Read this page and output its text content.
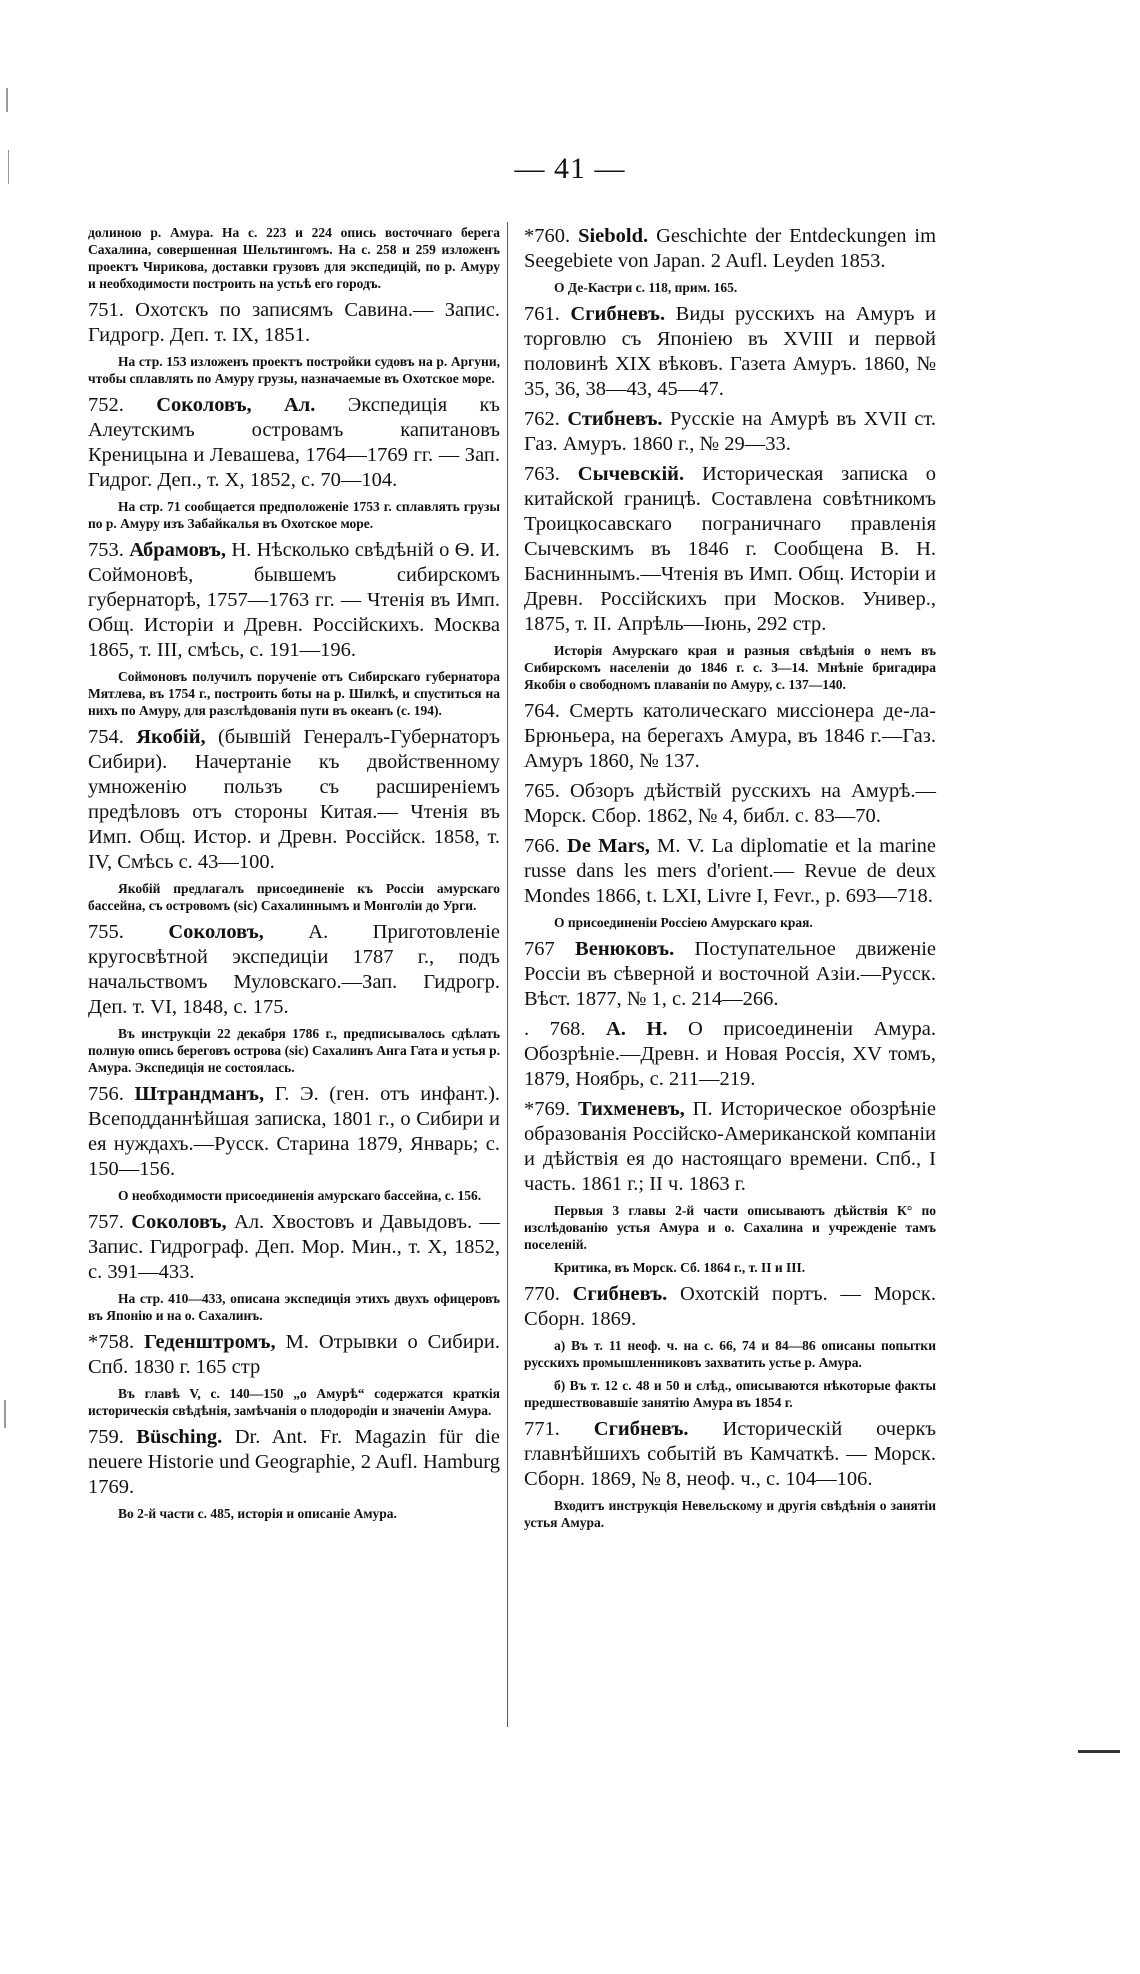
— 41 —

долиною р. Амура. На с. 223 и 224 опись восточнаго берега Сахалина, совершенная Шельтингомъ. На с. 258 и 259 изложенъ проектъ Чирикова, доставки грузовъ для экспедицій, по р. Амуру и необходимости построить на устьѣ его городъ.

751. Охотскъ по записямъ Савина.— Запис. Гидрогр. Деп. т. IX, 1851.

На стр. 153 изложенъ проектъ постройки судовъ на р. Аргуни, чтобы сплавлять по Амуру грузы, назначаемые въ Охотское море.

752. Соколовъ, Ал. Экспедиція къ Алеутскимъ островамъ капитановъ Креницына и Левашева, 1764—1769 гг. — Зап. Гидрог. Деп., т. X, 1852, с. 70—104.

На стр. 71 сообщается предположеніе 1753 г. сплавлять грузы по р. Амуру изъ Забайкалья въ Охотское море.

753. Абрамовъ, Н. Нѣсколько свѣдѣній о Ѳ. И. Соймоновѣ, бывшемъ сибирскомъ губернаторѣ, 1757—1763 гг. — Чтенія въ Имп. Общ. Исторіи и Древн. Россійскихъ. Москва 1865, т. III, смѣсь, с. 191—196.

Соймоновъ получилъ порученіе отъ Сибирскаго губернатора Мятлева, въ 1754 г., построить боты на р. Шилкѣ, и спуститься на нихъ по Амуру, для разслѣдованія пути въ океанъ (с. 194).

754. Якобій, (бывшій Генералъ-Губернаторъ Сибири). Начертаніе къ двойственному умноженію пользъ съ расширеніемъ предѣловъ отъ стороны Китая.— Чтенія въ Имп. Общ. Истор. и Древн. Россійск. 1858, т. IV, Смѣсь с. 43—100.

Якобій предлагалъ присоединеніе къ Россіи амурскаго бассейна, съ островомъ (sic) Сахалиннымъ и Монголіи до Урги.

755. Соколовъ, А. Приготовленіе кругосвѣтной экспедиціи 1787 г., подъ начальствомъ Муловскаго.—Зап. Гидрогр. Деп. т. VI, 1848, с. 175.

Въ инструкціи 22 декабря 1786 г., предписывалось сдѣлать полную опись береговъ острова (sic) Сахалинъ Анга Гата и устья р. Амура. Экспедиція не состоялась.

756. Штрандманъ, Г. Э. (ген. отъ инфант.). Всеподданнѣйшая записка, 1801 г., о Сибири и ея нуждахъ.—Русск. Старина 1879, Январь; с. 150—156.

О необходимости присоединенія амурскаго бассейна, с. 156.

757. Соколовъ, Ал. Хвостовъ и Давыдовъ. — Запис. Гидрограф. Деп. Мор. Мин., т. X, 1852, с. 391—433.

На стр. 410—433, описана экспедиція этихъ двухъ офицеровъ въ Японію и на о. Сахалинъ.

*758. Геденштромъ, М. Отрывки о Сибири. Спб. 1830 г. 165 стр

Въ главѣ V, с. 140—150 „о Амурѣ“ содержатся краткія историческія свѣдѣнія, замѣчанія о плодородіи и значеніи Амура.

759. Büsching. Dr. Ant. Fr. Magazin für die neuere Historie und Geographie, 2 Aufl. Hamburg 1769.

Во 2-й части с. 485, исторія и описаніе Амура.

*760. Siebold. Geschichte der Entdeckungen im Seegebiete von Japan. 2 Aufl. Leyden 1853.

О Де-Кастри с. 118, прим. 165.

761. Сгибневъ. Виды русскихъ на Амуръ и торговлю съ Японіею въ XVIII и первой половинѣ XIX вѣковъ. Газета Амуръ. 1860, № 35, 36, 38—43, 45—47.

762. Стибневъ. Русскіе на Амурѣ въ XVII ст. Газ. Амуръ. 1860 г., № 29—33.

763. Сычевскій. Историческая записка о китайской границѣ. Составлена совѣтникомъ Троицкосавскаго пограничнаго правленія Сычевскимъ въ 1846 г. Сообщена В. Н. Басниннымъ.—Чтенія въ Имп. Общ. Исторіи и Древн. Россійскихъ при Москов. Универ., 1875, т. II. Апрѣль—Іюнь, 292 стр.

Исторія Амурскаго края и разныя свѣдѣнія о немъ въ Сибирскомъ населеніи до 1846 г. с. 3—14. Мнѣніе бригадира Якобія о свободномъ плаваніи по Амуру, с. 137—140.

764. Смерть католическаго миссіонера де-ла-Брюньера, на берегахъ Амура, въ 1846 г.—Газ. Амуръ 1860, № 137.

765. Обзоръ дѣйствій русскихъ на Амурѣ.—Морск. Сбор. 1862, № 4, библ. с. 83—70.

766. De Mars, M. V. La diplomatie et la marine russe dans les mers d'orient.— Revue de deux Mondes 1866, t. LXI, Livre I, Fevr., p. 693—718.

О присоединеніи Россіею Амурскаго края.

767 Венюковъ. Поступательное движеніе Россіи въ сѣверной и восточной Азіи.—Русск. Вѣст. 1877, № 1, с. 214—266.

. 768. А. Н. О присоединеніи Амура. Обозрѣніе.—Древн. и Новая Россія, XV томъ, 1879, Ноябрь, с. 211—219.

*769. Тихменевъ, П. Историческое обозрѣніе образованія Россійско-Американской компаніи и дѣйствія ея до настоящаго времени. Спб., I часть. 1861 г.; II ч. 1863 г.

Первыя 3 главы 2-й части описываютъ дѣйствія К° по изслѣдованію устья Амура и о. Сахалина и учрежденіе тамъ поселеній.

Критика, въ Морск. Сб. 1864 г., т. II и III.

770. Сгибневъ. Охотскій портъ. — Морск. Сборн. 1869.

а) Въ т. 11 неоф. ч. на с. 66, 74 и 84—86 описаны попытки русскихъ промышленниковъ захватить устье р. Амура.

б) Въ т. 12 с. 48 и 50 и слѣд., описываются нѣкоторые факты предшествовавшіе занятію Амура въ 1854 г.

771. Сгибневъ. Историческій очеркъ главнѣйшихъ событій въ Камчаткѣ. — Морск. Сборн. 1869, № 8, неоф. ч., с. 104—106.

Входитъ инструкція Невельскому и другія свѣдѣнія о занятіи устья Амура.
